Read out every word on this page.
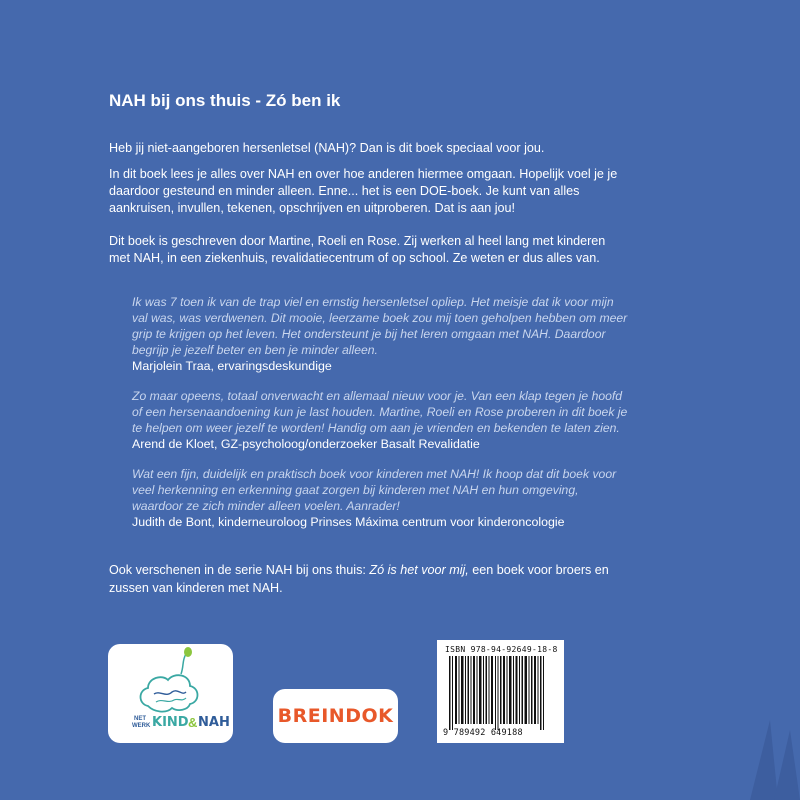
NAH bij ons thuis - Zó ben ik

Heb jij niet-aangeboren hersenletsel (NAH)? Dan is dit boek speciaal voor jou.

In dit boek lees je alles over NAH en over hoe anderen hiermee omgaan. Hopelijk voel je je daardoor gesteund en minder alleen. Enne... het is een DOE-boek. Je kunt van alles aankruisen, invullen, tekenen, opschrijven en uitproberen. Dat is aan jou!

Dit boek is geschreven door Martine, Roeli en Rose. Zij werken al heel lang met kinderen met NAH, in een ziekenhuis, revalidatiecentrum of op school. Ze weten er dus alles van.

Ik was 7 toen ik van de trap viel en ernstig hersenletsel opliep. Het meisje dat ik voor mijn val was, was verdwenen. Dit mooie, leerzame boek zou mij toen geholpen hebben om meer grip te krijgen op het leven. Het ondersteunt je bij het leren omgaan met NAH. Daardoor begrijp je jezelf beter en ben je minder alleen.
Marjolein Traa, ervaringsdeskundige
Zo maar opeens, totaal onverwacht en allemaal nieuw voor je. Van een klap tegen je hoofd of een hersenaandoening kun je last houden. Martine, Roeli en Rose proberen in dit boek je te helpen om weer jezelf te worden! Handig om aan je vrienden en bekenden te laten zien.
Arend de Kloet, GZ-psycholoog/onderzoeker Basalt Revalidatie
Wat een fijn, duidelijk en praktisch boek voor kinderen met NAH! Ik hoop dat dit boek voor veel herkenning en erkenning gaat zorgen bij kinderen met NAH en hun omgeving, waardoor ze zich minder alleen voelen. Aanrader!
Judith de Bont, kinderneuroloog Prinses Máxima centrum voor kinderoncologie

Ook verschenen in de serie NAH bij ons thuis: Zó is het voor mij, een boek voor broers en zussen van kinderen met NAH.

NET
WERK KIND & NAH	BREINDOK
ISBN 978-94-92649-18-8
9 789492 649188
